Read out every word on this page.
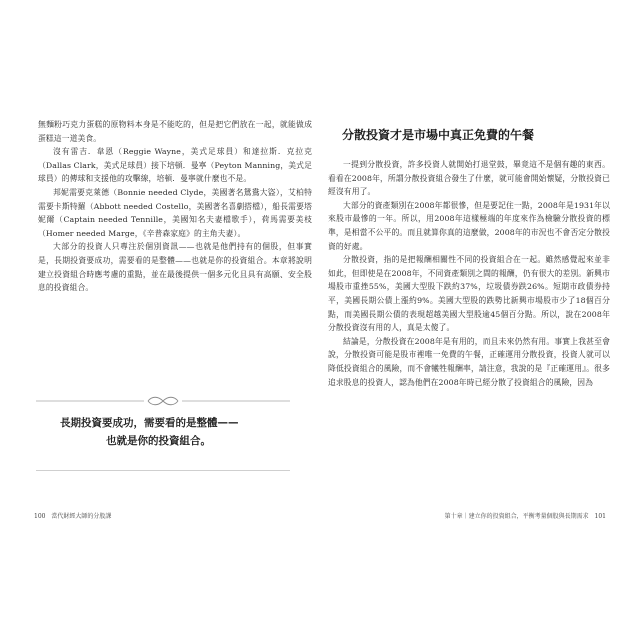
無麵粉巧克力蛋糕的原物料本身是不能吃的，但是把它們放在一起，就能做成蛋糕這一道美食。

沒有雷吉．韋恩（Reggie Wayne，美式足球員）和達拉斯．克拉克（Dallas Clark，美式足球員）接下培頓．曼寧（Peyton Manning，美式足球員）的傳球和支援他的攻擊線，培頓．曼寧就什麼也不是。

邦妮需要克萊德（Bonnie needed Clyde，美國著名鴛鴦大盜），艾柏特需要卡斯特羅（Abbott needed Costello，美國著名喜劇搭檔），船長需要塔妮爾（Captain needed Tennille，美國知名夫妻檔歌手），荷馬需要美枝（Homer needed Marge，《辛普森家庭》的主角夫妻）。

大部分的投資人只專注於個別資訊——也就是他們持有的個股，但事實是，長期投資要成功，需要看的是整體——也就是你的投資組合。本章將說明建立投資組合時應考慮的重點，並在最後提供一個多元化且具有高願、安全股息的投資組合。

長期投資要成功，需要看的是整體——
也就是你的投資組合。
100 當代財經大師的分股課
分散投資才是市場中真正免費的午餐

一提到分散投資，許多投資人就開始打退堂鼓，畢竟這不是個有趣的東西。看看在2008年，所謂分散投資組合發生了什麼，就可能會開始懷疑，分散投資已經沒有用了。

大部分的資產類別在2008年都很慘，但是要記住一點，2008年是1931年以來股市最慘的一年。所以，用2008年這樣極端的年度來作為檢驗分散投資的標準，是相當不公平的。而且就算你真的這麼做，2008年的市況也不會否定分散投資的好處。

分散投資，指的是把報酬相關性不同的投資組合在一起。雖然感覺起來並非如此，但即使是在2008年，不同資產類別之間的報酬，仍有很大的差別。新興市場股市重挫55%，美國大型股下跌約37%，垃圾債券跌26%。短期市政債券持平，美國長期公債上漲約9%。美國大型股的跌勢比新興市場股市少了18個百分點，而美國長期公債的表現超越美國大型股逾45個百分點。所以，說在2008年分散投資沒有用的人，真是太傻了。

結論是，分散投資在2008年是有用的，而且未來仍然有用。事實上我甚至會說，分散投資可能是股市裡唯一免費的午餐，正確運用分散投資，投資人就可以降低投資組合的風險，而不會犧牲報酬率，請注意，我說的是『正確運用』。很多追求股息的投資人，認為他們在2008年時已經分散了投資組合的風險，因為

第十章｜建立你的投資組合，平衡考量個股與長期需求 101
